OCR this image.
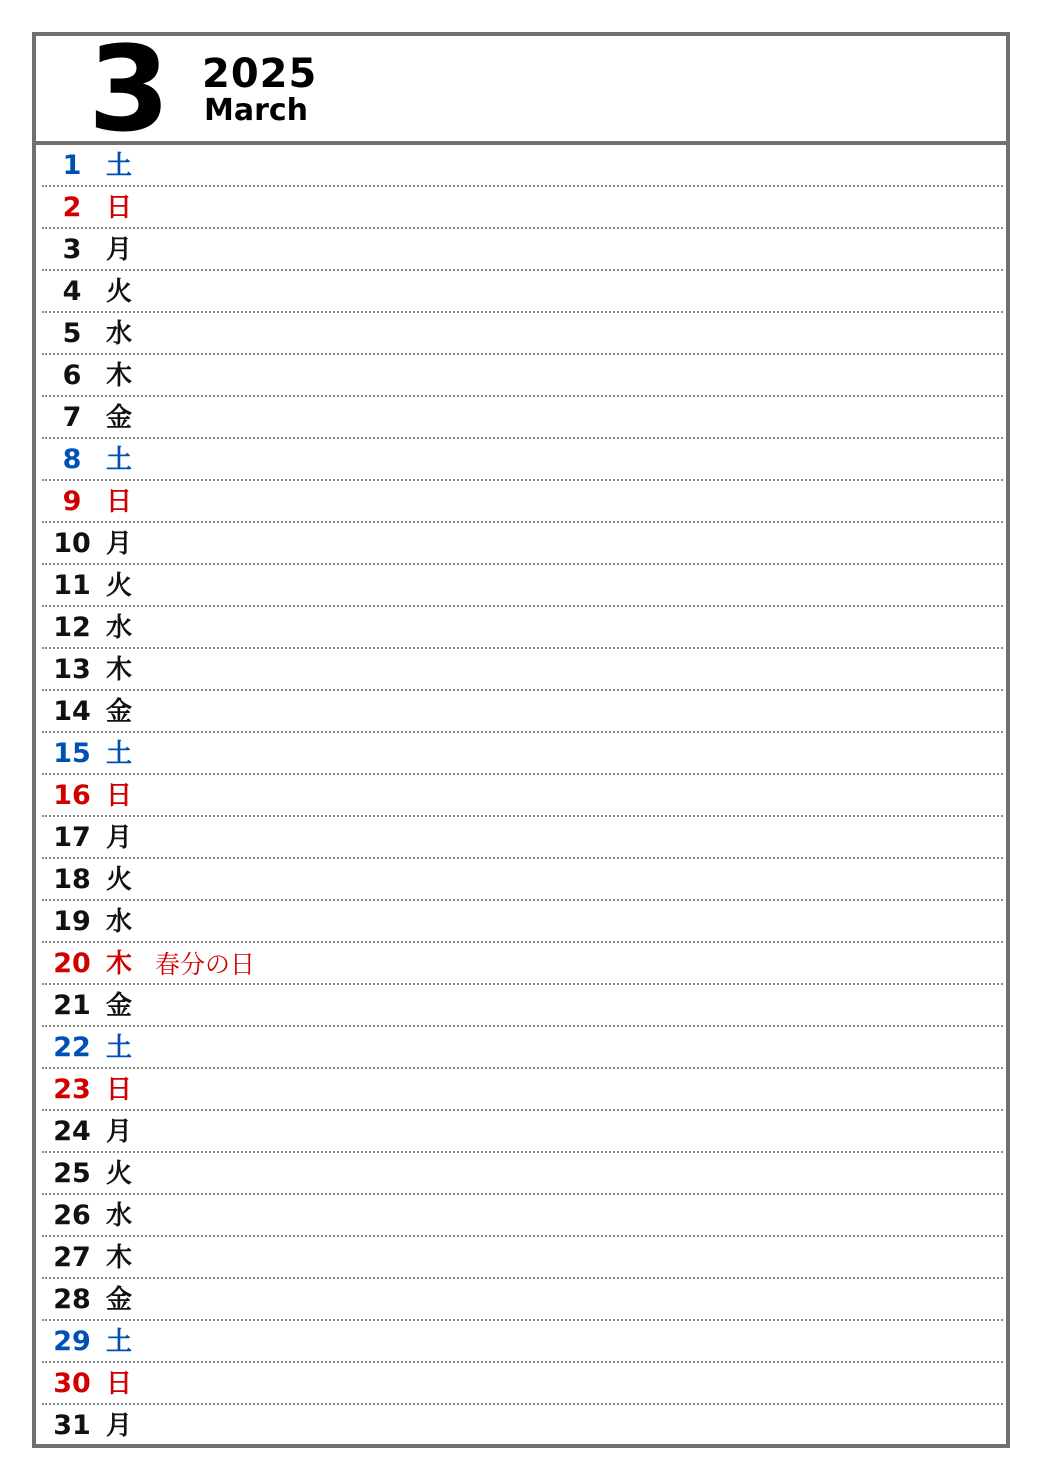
3 2025
March
1 土
2 日
3 月
4 火
5 水
6 木
7 金
8 土
9 日
10 月
11 火
12 水
13 木
14 金
15 土
16 日
17 月
18 火
19 水
20 木 春分の日
21 金
22 土
23 日
24 月
25 火
26 水
27 木
28 金
29 土
30 日
31 月
